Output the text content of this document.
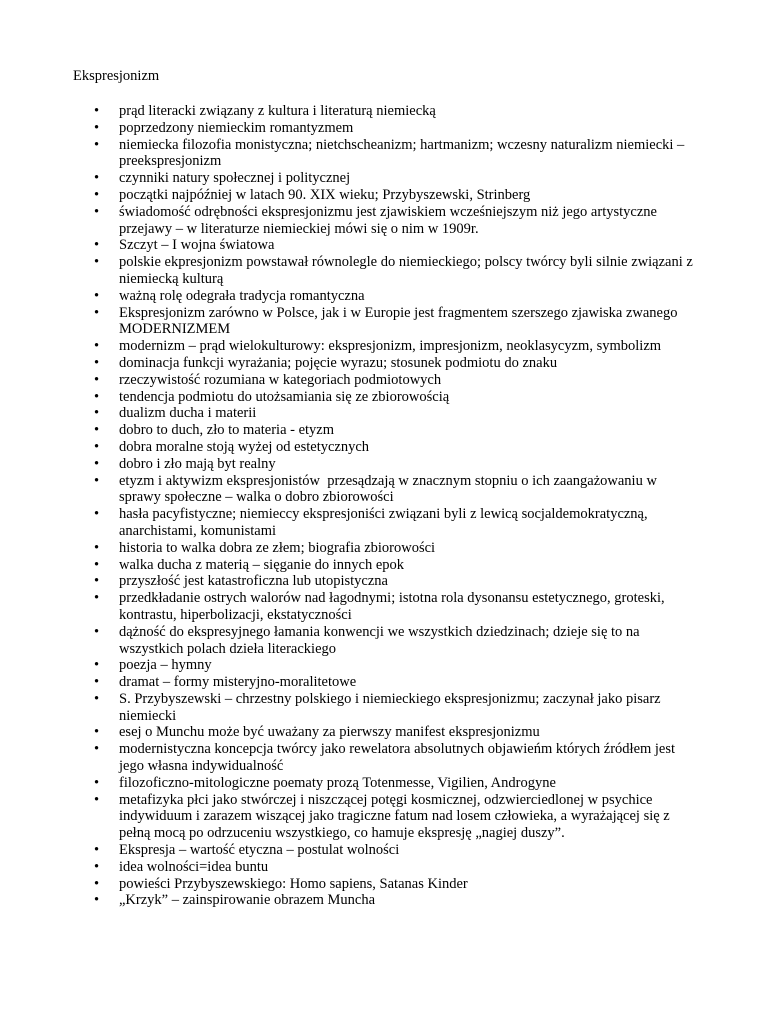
Ekspresjonizm
•	prąd literacki związany z kultura i literaturą niemiecką
•	poprzedzony niemieckim romantyzmem
•	niemiecka filozofia monistyczna; nietchscheanizm; hartmanizm; wczesny naturalizm niemiecki – preekspresjonizm
•	czynniki natury społecznej i politycznej
•	początki najpóźniej w latach 90. XIX wieku; Przybyszewski, Strinberg
•	świadomość odrębności ekspresjonizmu jest zjawiskiem wcześniejszym niż jego artystyczne przejawy – w literaturze niemieckiej mówi się o nim w 1909r.
•	Szczyt – I wojna światowa
•	polskie ekpresjonizm powstawał równolegle do niemieckiego; polscy twórcy byli silnie związani z niemiecką kulturą
•	ważną rolę odegrała tradycja romantyczna
•	Ekspresjonizm zarówno w Polsce, jak i w Europie jest fragmentem szerszego zjawiska zwanego MODERNIZMEM
•	modernizm – prąd wielokulturowy: ekspresjonizm, impresjonizm, neoklasycyzm, symbolizm
•	dominacja funkcji wyrażania; pojęcie wyrazu; stosunek podmiotu do znaku
•	rzeczywistość rozumiana w kategoriach podmiotowych
•	tendencja podmiotu do utożsamiania się ze zbiorowością
•	dualizm ducha i materii
•	dobro to duch, zło to materia - etyzm
•	dobra moralne stoją wyżej od estetycznych
•	dobro i zło mają byt realny
•	etyzm i aktywizm ekspresjonistów  przesądzają w znacznym stopniu o ich zaangażowaniu w sprawy społeczne – walka o dobro zbiorowości
•	hasła pacyfistyczne; niemieccy ekspresjoniści związani byli z lewicą socjaldemokratyczną, anarchistami, komunistami
•	historia to walka dobra ze złem; biografia zbiorowości
•	walka ducha z materią – sięganie do innych epok
•	przyszłość jest katastroficzna lub utopistyczna
•	przedkładanie ostrych walorów nad łagodnymi; istotna rola dysonansu estetycznego, groteski, kontrastu, hiperbolizacji, ekstatyczności
•	dążność do ekspresyjnego łamania konwencji we wszystkich dziedzinach; dzieje się to na wszystkich polach dzieła literackiego
•	poezja – hymny
•	dramat – formy misteryjno-moralitetowe
•	S. Przybyszewski – chrzestny polskiego i niemieckiego ekspresjonizmu; zaczynał jako pisarz niemiecki
•	esej o Munchu może być uważany za pierwszy manifest ekspresjonizmu
•	modernistyczna koncepcja twórcy jako rewelatora absolutnych objawieńm których źródłem jest jego własna indywidualność
•	filozoficzno-mitologiczne poematy prozą Totenmesse, Vigilien, Androgyne
•	metafizyka płci jako stwórczej i niszczącej potęgi kosmicznej, odzwierciedlonej w psychice indywiduum i zarazem wiszącej jako tragiczne fatum nad losem człowieka, a wyrażającej się z pełną mocą po odrzuceniu wszystkiego, co hamuje ekspresję „nagiej duszy”.
•	Ekspresja – wartość etyczna – postulat wolności
•	idea wolności=idea buntu
•	powieści Przybyszewskiego: Homo sapiens, Satanas Kinder
•	„Krzyk” – zainspirowanie obrazem Muncha
